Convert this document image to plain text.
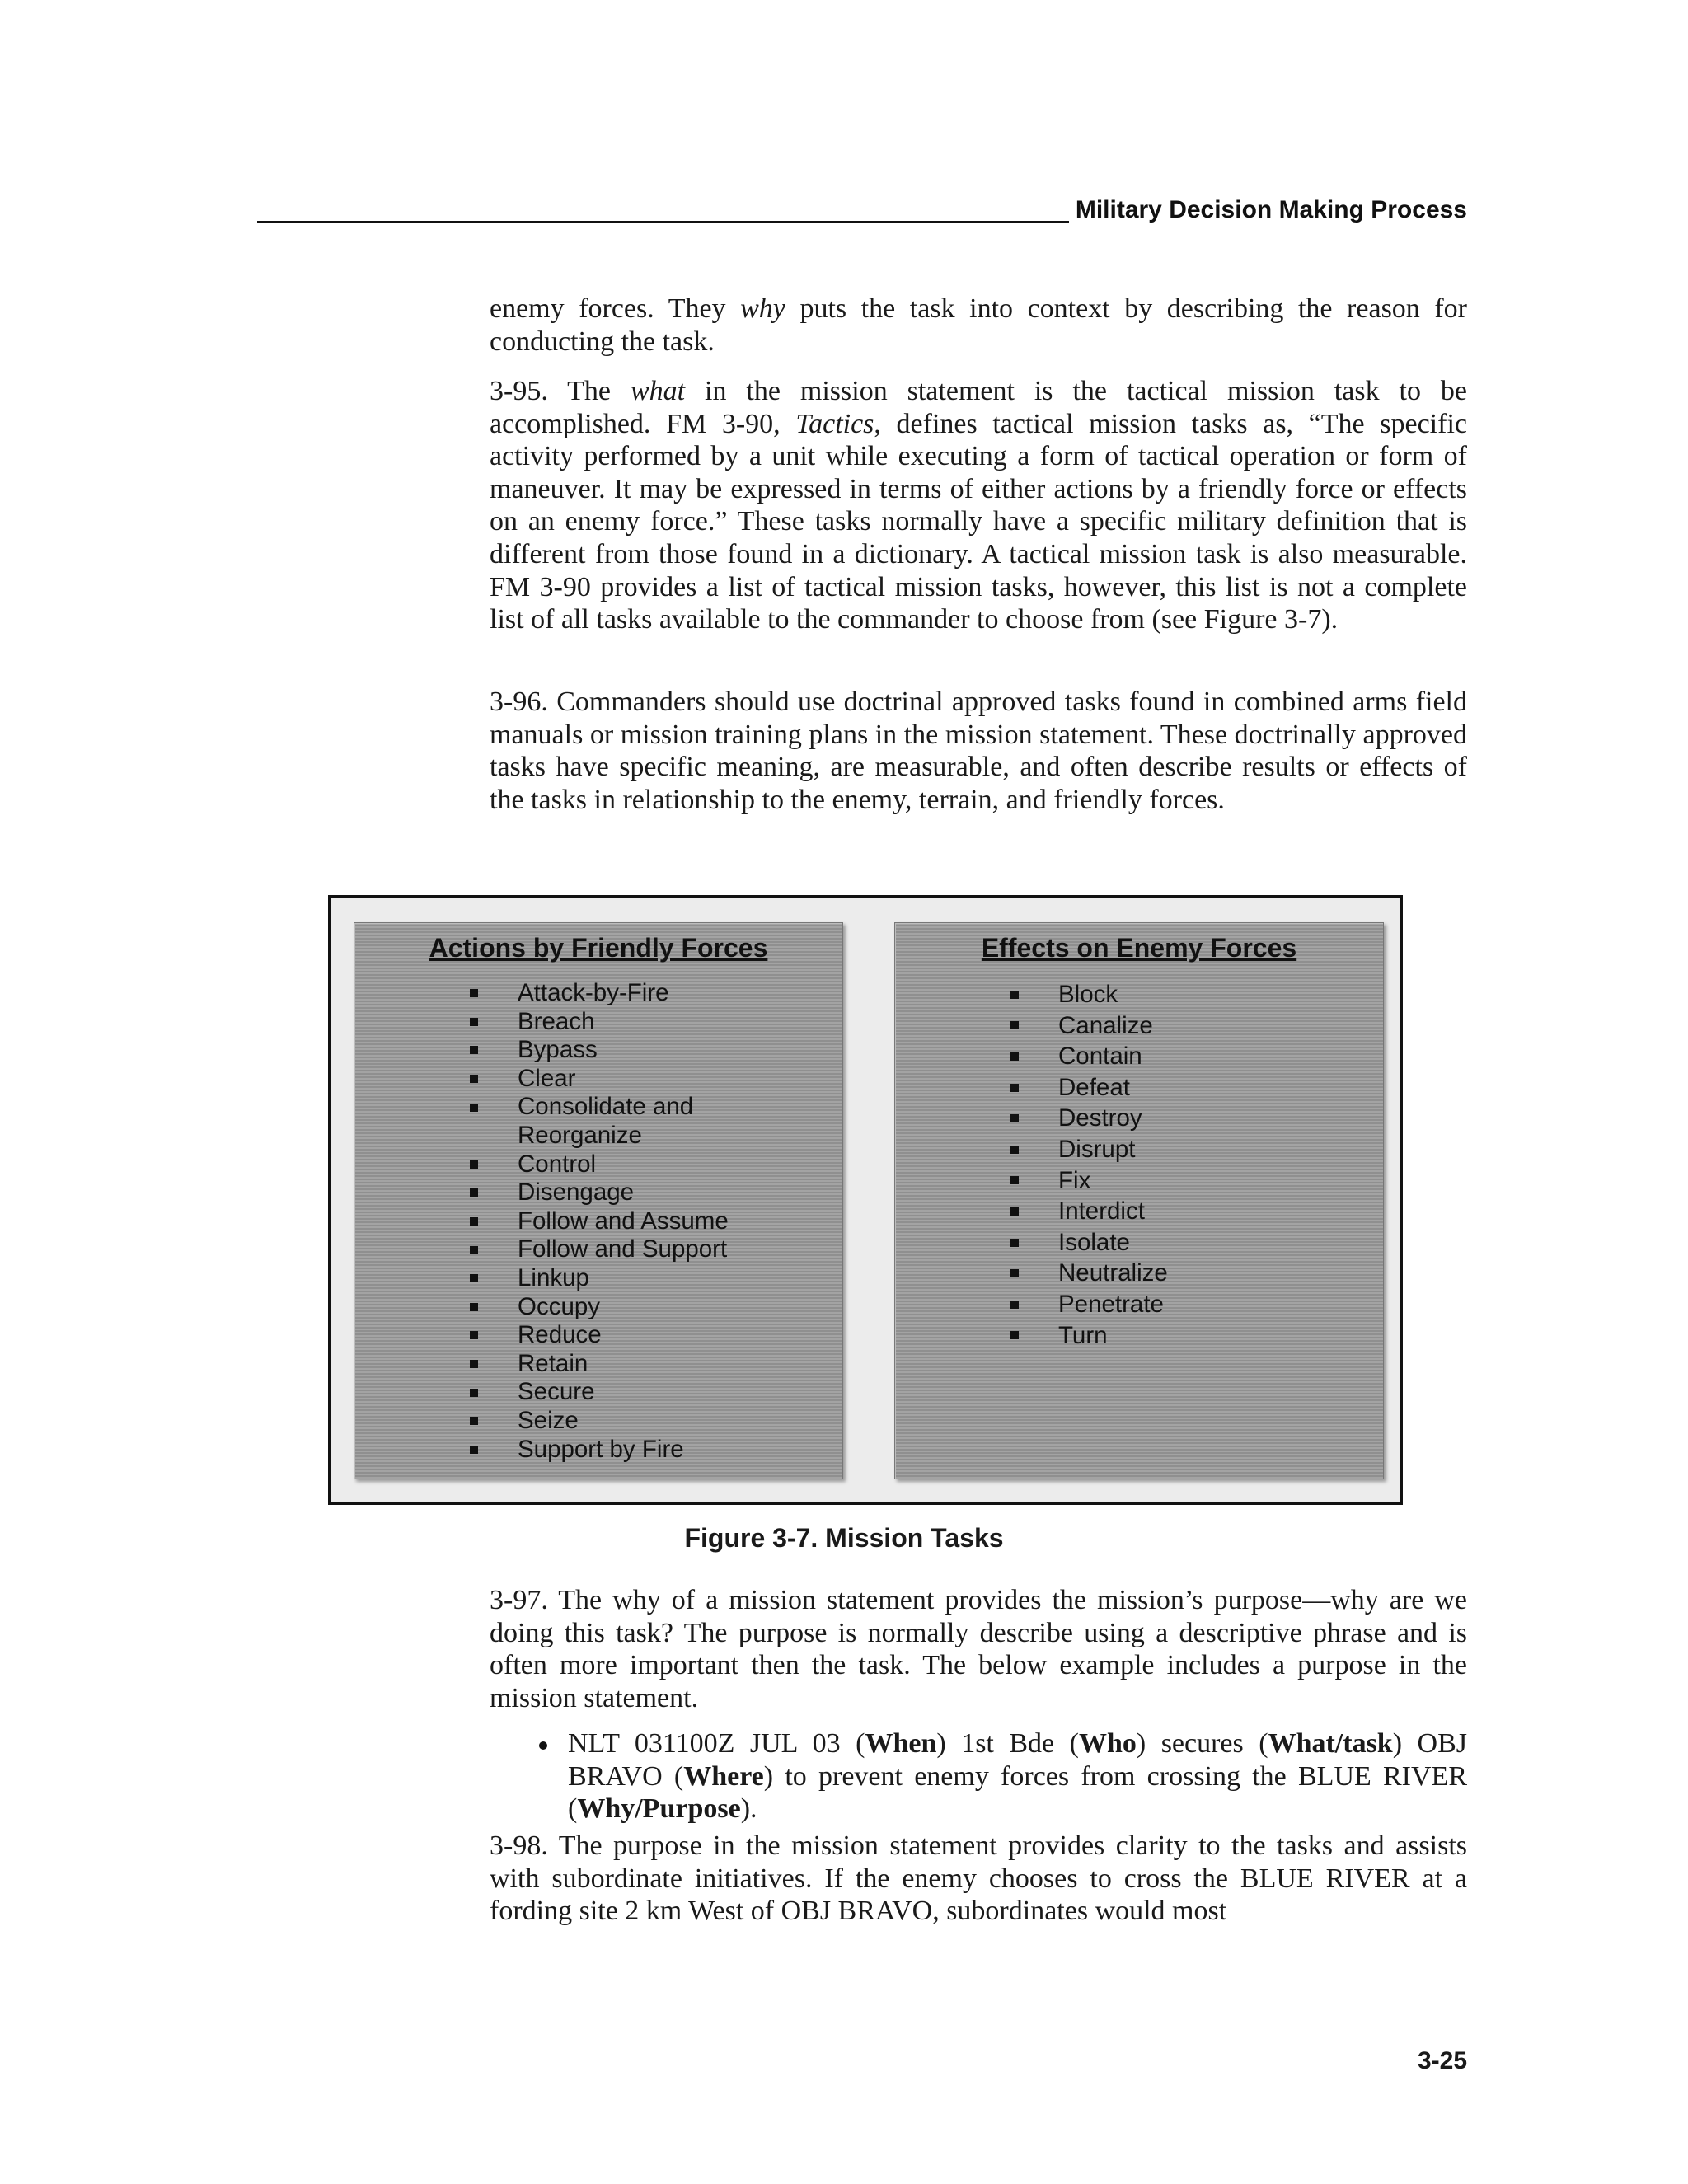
Military Decision Making Process

enemy forces. They why puts the task into context by describing the reason for conducting the task.

3-95. The what in the mission statement is the tactical mission task to be accomplished. FM 3-90, Tactics, defines tactical mission tasks as, “The specific activity performed by a unit while executing a form of tactical operation or form of maneuver. It may be expressed in terms of either actions by a friendly force or effects on an enemy force.” These tasks normally have a specific military definition that is different from those found in a dictionary. A tactical mission task is also measurable. FM 3-90 provides a list of tactical mission tasks, however, this list is not a complete list of all tasks available to the commander to choose from (see Figure 3-7).

3-96. Commanders should use doctrinal approved tasks found in combined arms field manuals or mission training plans in the mission statement. These doctrinally approved tasks have specific meaning, are measurable, and often describe results or effects of the tasks in relationship to the enemy, terrain, and friendly forces.

Actions by Friendly Forces
Attack-by-Fire
Breach
Bypass
Clear
Consolidate and Reorganize
Control
Disengage
Follow and Assume
Follow and Support
Linkup
Occupy
Reduce
Retain
Secure
Seize
Support by Fire
Effects on Enemy Forces
Block
Canalize
Contain
Defeat
Destroy
Disrupt
Fix
Interdict
Isolate
Neutralize
Penetrate
Turn
Figure 3-7. Mission Tasks

3-97. The why of a mission statement provides the mission’s purpose—why are we doing this task? The purpose is normally describe using a descriptive phrase and is often more important then the task. The below example includes a purpose in the mission statement.

NLT 031100Z JUL 03 (When) 1st Bde (Who) secures (What/task) OBJ BRAVO (Where) to prevent enemy forces from crossing the BLUE RIVER (Why/Purpose).

3-98. The purpose in the mission statement provides clarity to the tasks and assists with subordinate initiatives. If the enemy chooses to cross the BLUE RIVER at a fording site 2 km West of OBJ BRAVO, subordinates would most

3-25
